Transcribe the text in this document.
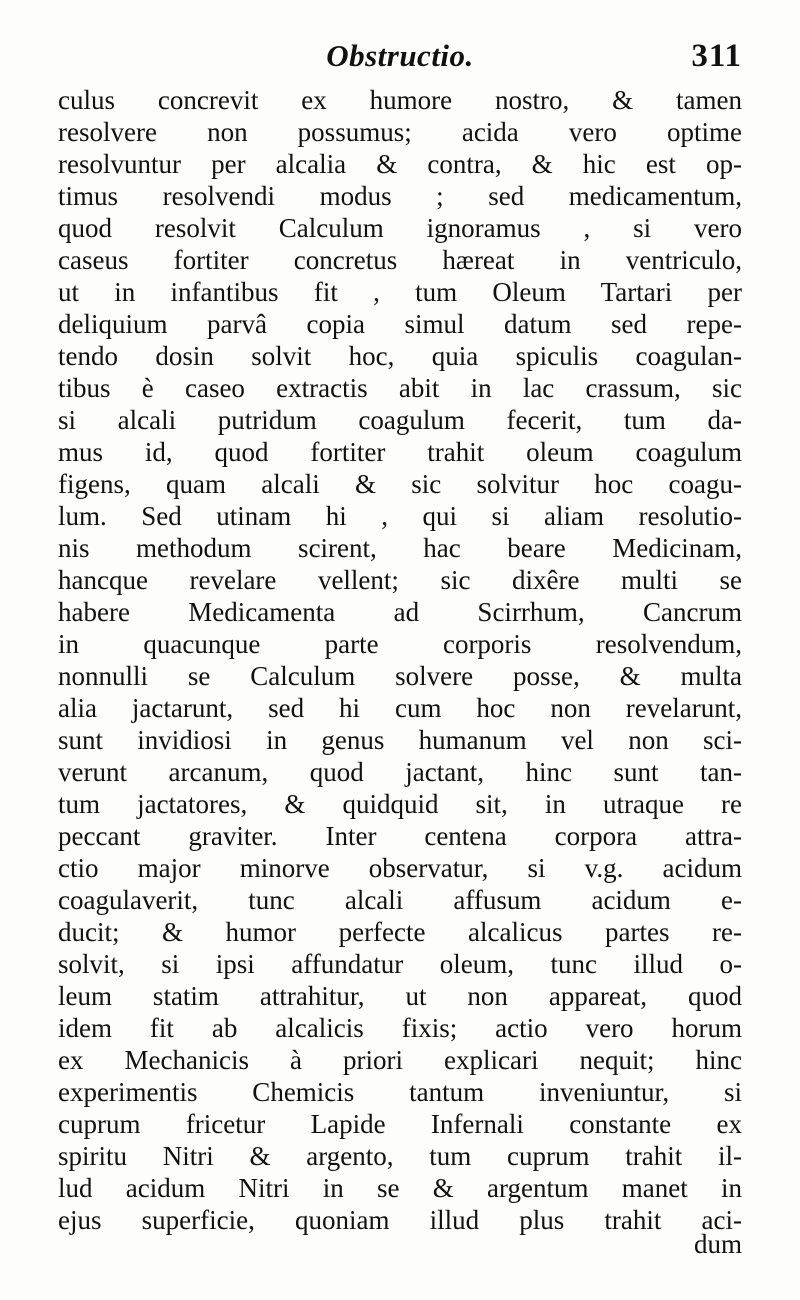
Obstructio.	311
culus concrevit ex humore nostro, & tamen
resolvere non possumus; acida vero optime
resolvuntur per alcalia & contra, & hic est op-
timus resolvendi modus ; sed medicamentum,
quod resolvit Calculum ignoramus , si vero
caseus fortiter concretus hæreat in ventriculo,
ut in infantibus fit , tum Oleum Tartari per
deliquium parvâ copia simul datum sed repe-
tendo dosin solvit hoc, quia spiculis coagulan-
tibus è caseo extractis abit in lac crassum, sic
si alcali putridum coagulum fecerit, tum da-
mus id, quod fortiter trahit oleum coagulum
figens, quam alcali & sic solvitur hoc coagu-
lum. Sed utinam hi , qui si aliam resolutio-
nis methodum scirent, hac beare Medicinam,
hancque revelare vellent; sic dixêre multi se
habere Medicamenta ad Scirrhum, Cancrum
in quacunque parte corporis resolvendum,
nonnulli se Calculum solvere posse, & multa
alia jactarunt, sed hi cum hoc non revelarunt,
sunt invidiosi in genus humanum vel non sci-
verunt arcanum, quod jactant, hinc sunt tan-
tum jactatores, & quidquid sit, in utraque re
peccant graviter. Inter centena corpora attra-
ctio major minorve observatur, si v.g. acidum
coagulaverit, tunc alcali affusum acidum e-
ducit; & humor perfecte alcalicus partes re-
solvit, si ipsi affundatur oleum, tunc illud o-
leum statim attrahitur, ut non appareat, quod
idem fit ab alcalicis fixis; actio vero horum
ex Mechanicis à priori explicari nequit; hinc
experimentis Chemicis tantum inveniuntur, si
cuprum fricetur Lapide Infernali constante ex
spiritu Nitri & argento, tum cuprum trahit il-
lud acidum Nitri in se & argentum manet in
ejus superficie, quoniam illud plus trahit aci-
dum
